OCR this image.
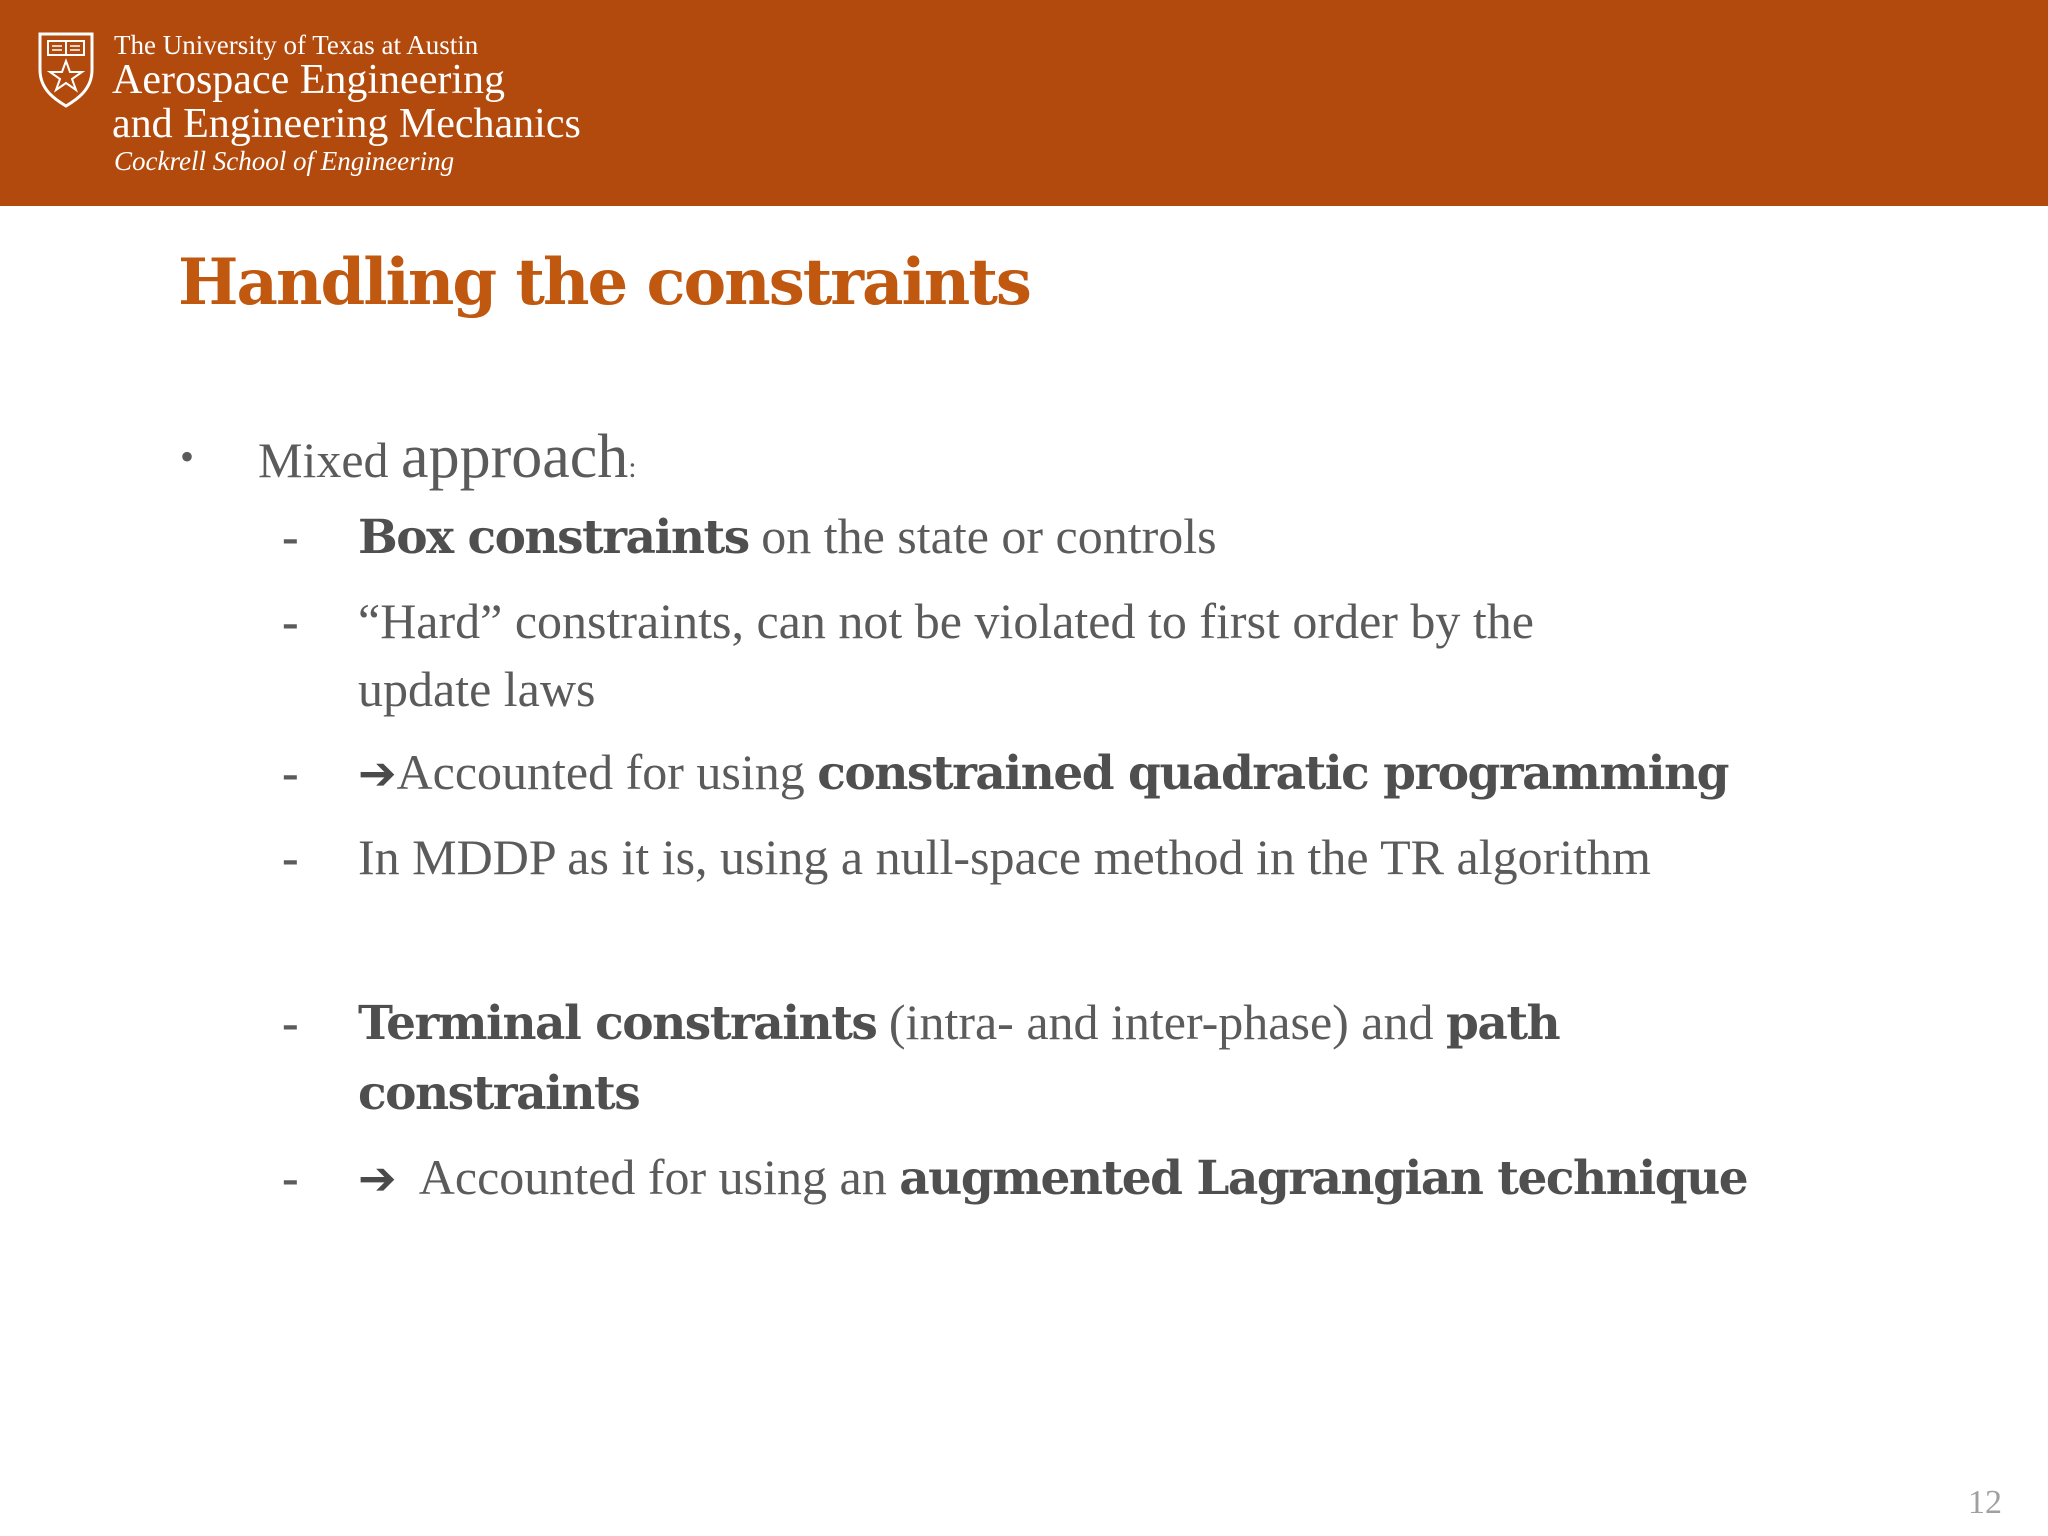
The University of Texas at Austin
Aerospace Engineering
and Engineering Mechanics
Cockrell School of Engineering
Handling the constraints
• Mixed approach:
- Box constraints on the state or controls
- “Hard” constraints, can not be violated to first order by the
update laws
- ➔Accounted for using constrained quadratic programming
- In MDDP as it is, using a null-space method in the TR algorithm
- Terminal constraints (intra- and inter-phase) and path
constraints
- ➔  Accounted for using an augmented Lagrangian technique
12
